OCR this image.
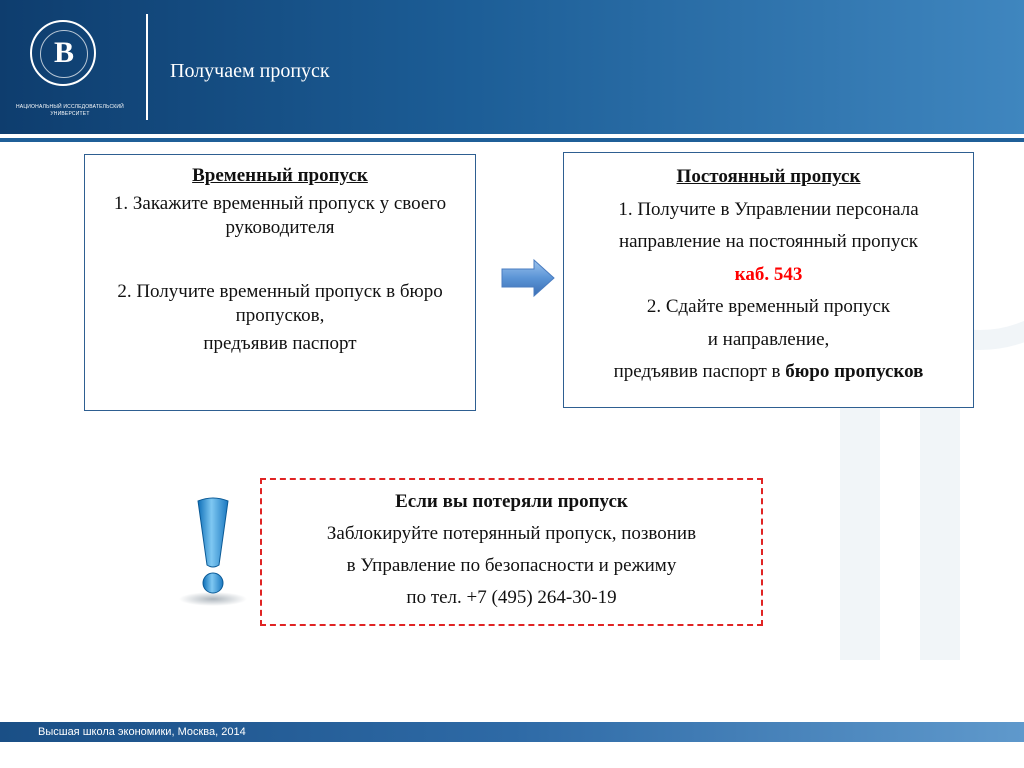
В
НАЦИОНАЛЬНЫЙ ИССЛЕДОВАТЕЛЬСКИЙ
УНИВЕРСИТЕТ
Получаем пропуск

Временный пропуск

1. Закажите временный пропуск у своего руководителя

2. Получите временный пропуск в бюро пропусков,

предъявив паспорт

Постоянный пропуск

1. Получите в Управлении персонала

направление на постоянный пропуск

каб. 543

2. Сдайте временный пропуск

и направление,

предъявив паспорт в бюро пропусков

Если вы потеряли пропуск

Заблокируйте потерянный пропуск, позвонив

в Управление по безопасности и режиму

по тел. +7 (495) 264-30-19

Высшая школа экономики, Москва, 2014
